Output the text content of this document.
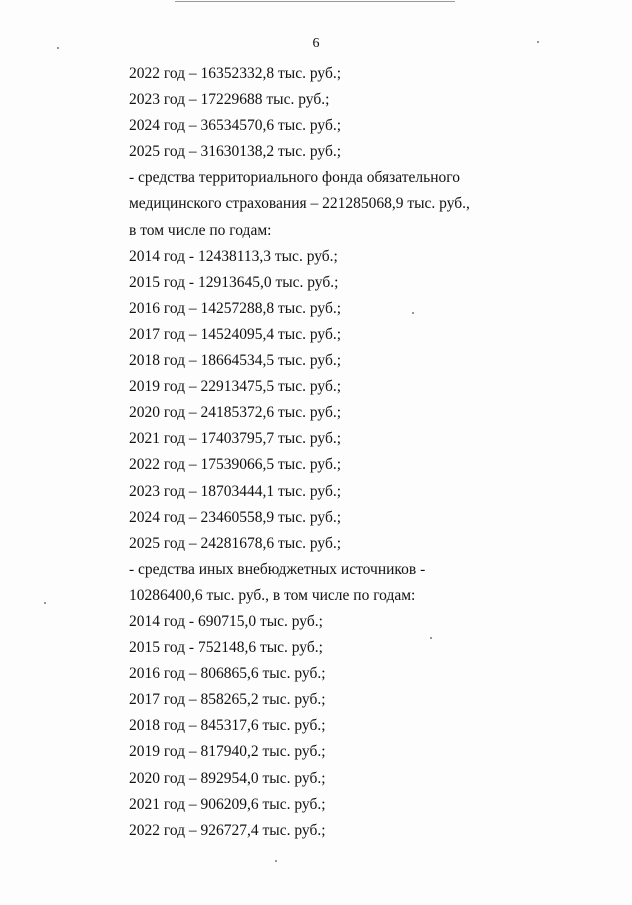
6
2022 год – 16352332,8 тыс. руб.;
2023 год – 17229688 тыс. руб.;
2024 год – 36534570,6 тыс. руб.;
2025 год – 31630138,2 тыс. руб.;
- средства территориального фонда обязательного
медицинского страхования – 221285068,9 тыс. руб.,
в том числе по годам:
2014 год - 12438113,3 тыс. руб.;
2015 год - 12913645,0 тыс. руб.;
2016 год – 14257288,8 тыс. руб.;
2017 год – 14524095,4 тыс. руб.;
2018 год – 18664534,5 тыс. руб.;
2019 год – 22913475,5 тыс. руб.;
2020 год – 24185372,6 тыс. руб.;
2021 год – 17403795,7 тыс. руб.;
2022 год – 17539066,5 тыс. руб.;
2023 год – 18703444,1 тыс. руб.;
2024 год – 23460558,9 тыс. руб.;
2025 год – 24281678,6 тыс. руб.;
- средства иных внебюджетных источников -
10286400,6 тыс. руб., в том числе по годам:
2014 год - 690715,0 тыс. руб.;
2015 год - 752148,6 тыс. руб.;
2016 год – 806865,6 тыс. руб.;
2017 год – 858265,2 тыс. руб.;
2018 год – 845317,6 тыс. руб.;
2019 год – 817940,2 тыс. руб.;
2020 год – 892954,0 тыс. руб.;
2021 год – 906209,6 тыс. руб.;
2022 год – 926727,4 тыс. руб.;
